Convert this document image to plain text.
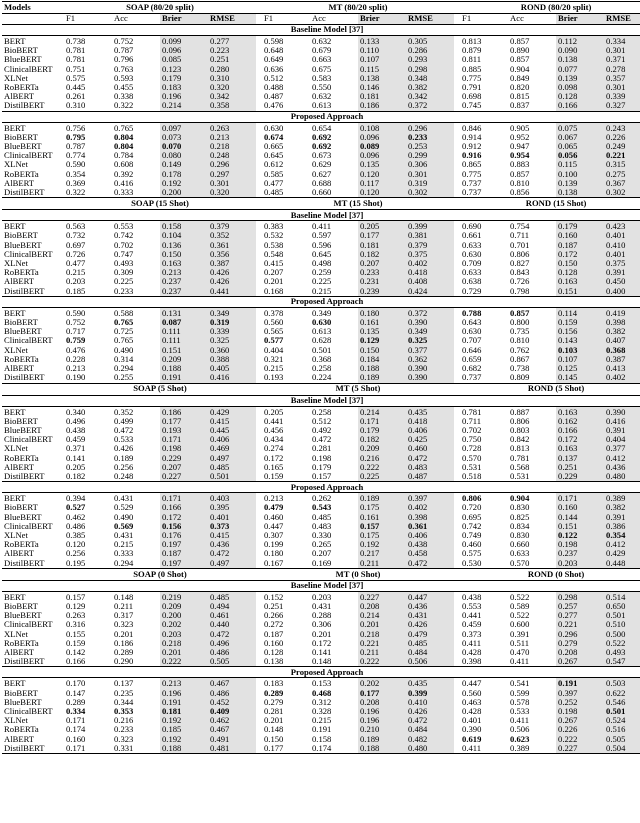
Models	SOAP (80/20 split)					MT (80/20 split)					ROND (80/20 split)			
	F1	Acc	Brier	RMSE		F1	Acc	Brier	RMSE		F1	Acc	Brier	RMSE
Baseline Model [37]														
BERT	0.738	0.752	0.099	0.277		0.598	0.632	0.133	0.305		0.813	0.857	0.112	0.334
BioBERT	0.781	0.787	0.096	0.223		0.648	0.679	0.110	0.286		0.879	0.890	0.090	0.301
BlueBERT	0.781	0.796	0.085	0.251		0.649	0.663	0.107	0.293		0.811	0.857	0.138	0.371
ClinicalBERT	0.751	0.763	0.123	0.280		0.636	0.675	0.115	0.298		0.885	0.904	0.077	0.278
XLNet	0.575	0.593	0.179	0.310		0.512	0.583	0.138	0.348		0.775	0.849	0.139	0.357
RoBERTa	0.445	0.455	0.183	0.320		0.488	0.550	0.146	0.382		0.791	0.820	0.098	0.301
AlBERT	0.261	0.338	0.196	0.342		0.487	0.632	0.181	0.342		0.698	0.815	0.128	0.339
DistilBERT	0.310	0.322	0.214	0.358		0.476	0.613	0.186	0.372		0.745	0.837	0.166	0.327
Proposed Approach														
BERT	0.756	0.765	0.097	0.263		0.630	0.654	0.108	0.296		0.846	0.905	0.075	0.243
BioBERT	0.795	0.804	0.073	0.213		0.674	0.692	0.096	0.233		0.914	0.952	0.067	0.226
BlueBERT	0.787	0.804	0.070	0.218		0.665	0.692	0.089	0.253		0.912	0.947	0.065	0.249
ClinicalBERT	0.774	0.784	0.080	0.248		0.645	0.673	0.096	0.299		0.916	0.954	0.056	0.221
XLNet	0.590	0.608	0.149	0.296		0.612	0.629	0.135	0.306		0.865	0.883	0.115	0.315
RoBERTa	0.354	0.392	0.178	0.297		0.585	0.627	0.120	0.301		0.775	0.857	0.100	0.275
AlBERT	0.369	0.416	0.192	0.301		0.477	0.688	0.117	0.319		0.737	0.810	0.139	0.367
DistilBERT	0.322	0.333	0.200	0.320		0.485	0.660	0.120	0.302		0.737	0.856	0.138	0.302
	SOAP (15 Shot)					MT (15 Shot)					ROND (15 Shot)			
Baseline Model [37]														
BERT	0.563	0.553	0.158	0.379		0.383	0.411	0.205	0.399		0.690	0.754	0.179	0.423
BioBERT	0.732	0.742	0.104	0.352		0.532	0.597	0.177	0.381		0.661	0.711	0.160	0.401
BlueBERT	0.697	0.702	0.136	0.361		0.538	0.596	0.181	0.379		0.633	0.701	0.187	0.410
ClinicalBERT	0.726	0.747	0.150	0.356		0.548	0.645	0.182	0.375		0.630	0.806	0.172	0.401
XLNet	0.477	0.493	0.163	0.387		0.415	0.498	0.207	0.402		0.709	0.827	0.150	0.375
RoBERTa	0.215	0.309	0.213	0.426		0.207	0.259	0.233	0.418		0.633	0.843	0.128	0.391
AlBERT	0.203	0.225	0.237	0.426		0.201	0.225	0.231	0.408		0.638	0.726	0.163	0.450
DistilBERT	0.185	0.233	0.237	0.441		0.168	0.215	0.239	0.424		0.729	0.798	0.151	0.400
Proposed Approach														
BERT	0.590	0.588	0.131	0.349		0.378	0.349	0.180	0.372		0.788	0.857	0.114	0.419
BioBERT	0.752	0.765	0.087	0.319		0.560	0.630	0.161	0.390		0.643	0.800	0.159	0.398
BlueBERT	0.717	0.725	0.111	0.339		0.565	0.613	0.135	0.349		0.630	0.735	0.156	0.382
ClinicalBERT	0.759	0.765	0.111	0.325		0.577	0.628	0.129	0.325		0.707	0.810	0.143	0.407
XLNet	0.476	0.490	0.151	0.360		0.404	0.501	0.150	0.377		0.646	0.762	0.103	0.368
RoBERTa	0.228	0.314	0.209	0.388		0.321	0.368	0.184	0.362		0.659	0.867	0.107	0.387
AlBERT	0.213	0.294	0.188	0.405		0.215	0.258	0.188	0.390		0.682	0.738	0.125	0.413
DistilBERT	0.190	0.255	0.191	0.416		0.193	0.224	0.189	0.390		0.737	0.809	0.145	0.402
	SOAP (5 Shot)					MT (5 Shot)					ROND (5 Shot)			
Baseline Model [37]														
BERT	0.340	0.352	0.186	0.429		0.205	0.258	0.214	0.435		0.781	0.887	0.163	0.390
BioBERT	0.496	0.499	0.177	0.415		0.441	0.512	0.171	0.418		0.711	0.806	0.162	0.416
BlueBERT	0.438	0.472	0.193	0.445		0.456	0.492	0.179	0.406		0.702	0.803	0.166	0.391
ClinicalBERT	0.459	0.533	0.171	0.406		0.434	0.472	0.182	0.425		0.750	0.842	0.172	0.404
XLNet	0.371	0.426	0.198	0.469		0.274	0.281	0.209	0.460		0.728	0.813	0.163	0.377
RoBERTa	0.141	0.189	0.229	0.497		0.172	0.198	0.216	0.472		0.570	0.781	0.137	0.412
AlBERT	0.205	0.256	0.207	0.485		0.165	0.179	0.222	0.483		0.531	0.568	0.251	0.436
DistilBERT	0.182	0.248	0.227	0.501		0.159	0.157	0.225	0.487		0.518	0.531	0.229	0.480
Proposed Approach														
BERT	0.394	0.431	0.171	0.403		0.213	0.262	0.189	0.397		0.806	0.904	0.171	0.389
BioBERT	0.527	0.529	0.166	0.395		0.479	0.543	0.175	0.402		0.720	0.830	0.160	0.382
BlueBERT	0.462	0.490	0.172	0.401		0.460	0.485	0.161	0.398		0.695	0.825	0.144	0.391
ClinicalBERT	0.486	0.569	0.156	0.373		0.447	0.483	0.157	0.361		0.742	0.834	0.151	0.386
XLNet	0.385	0.431	0.176	0.415		0.307	0.330	0.175	0.406		0.749	0.830	0.122	0.354
RoBERTa	0.120	0.215	0.197	0.436		0.199	0.265	0.192	0.438		0.460	0.660	0.198	0.412
AlBERT	0.256	0.333	0.187	0.472		0.180	0.207	0.217	0.458		0.575	0.633	0.237	0.429
DistilBERT	0.195	0.294	0.197	0.497		0.167	0.169	0.211	0.472		0.530	0.570	0.203	0.448
	SOAP (0 Shot)					MT (0 Shot)					ROND (0 Shot)			
Baseline Model [37]														
BERT	0.157	0.148	0.219	0.485		0.152	0.203	0.227	0.447		0.438	0.522	0.298	0.514
BioBERT	0.129	0.211	0.209	0.494		0.251	0.431	0.208	0.436		0.553	0.589	0.257	0.650
BlueBERT	0.263	0.317	0.200	0.461		0.266	0.288	0.214	0.431		0.441	0.522	0.277	0.501
ClinicalBERT	0.316	0.323	0.202	0.440		0.272	0.306	0.201	0.426		0.459	0.600	0.221	0.510
XLNet	0.155	0.201	0.203	0.472		0.187	0.201	0.218	0.479		0.373	0.391	0.296	0.500
RoBERTa	0.159	0.186	0.218	0.496		0.160	0.172	0.221	0.485		0.411	0.511	0.279	0.522
AlBERT	0.142	0.289	0.201	0.486		0.128	0.141	0.211	0.484		0.428	0.470	0.208	0.493
DistilBERT	0.166	0.290	0.222	0.505		0.138	0.148	0.222	0.506		0.398	0.411	0.267	0.547
Proposed Approach														
BERT	0.170	0.137	0.213	0.467		0.183	0.153	0.202	0.435		0.447	0.541	0.191	0.503
BioBERT	0.147	0.235	0.196	0.486		0.289	0.468	0.177	0.399		0.560	0.599	0.397	0.622
BlueBERT	0.289	0.344	0.191	0.452		0.279	0.312	0.208	0.410		0.463	0.578	0.252	0.546
ClinicalBERT	0.334	0.353	0.181	0.409		0.281	0.328	0.196	0.426		0.428	0.533	0.198	0.501
XLNet	0.171	0.216	0.192	0.462		0.201	0.215	0.196	0.472		0.401	0.411	0.267	0.524
RoBERTa	0.174	0.233	0.185	0.467		0.148	0.191	0.210	0.484		0.390	0.506	0.226	0.516
AlBERT	0.160	0.323	0.192	0.491		0.150	0.158	0.189	0.482		0.619	0.623	0.222	0.505
DistilBERT	0.171	0.331	0.188	0.481		0.177	0.174	0.188	0.480		0.411	0.389	0.227	0.504
